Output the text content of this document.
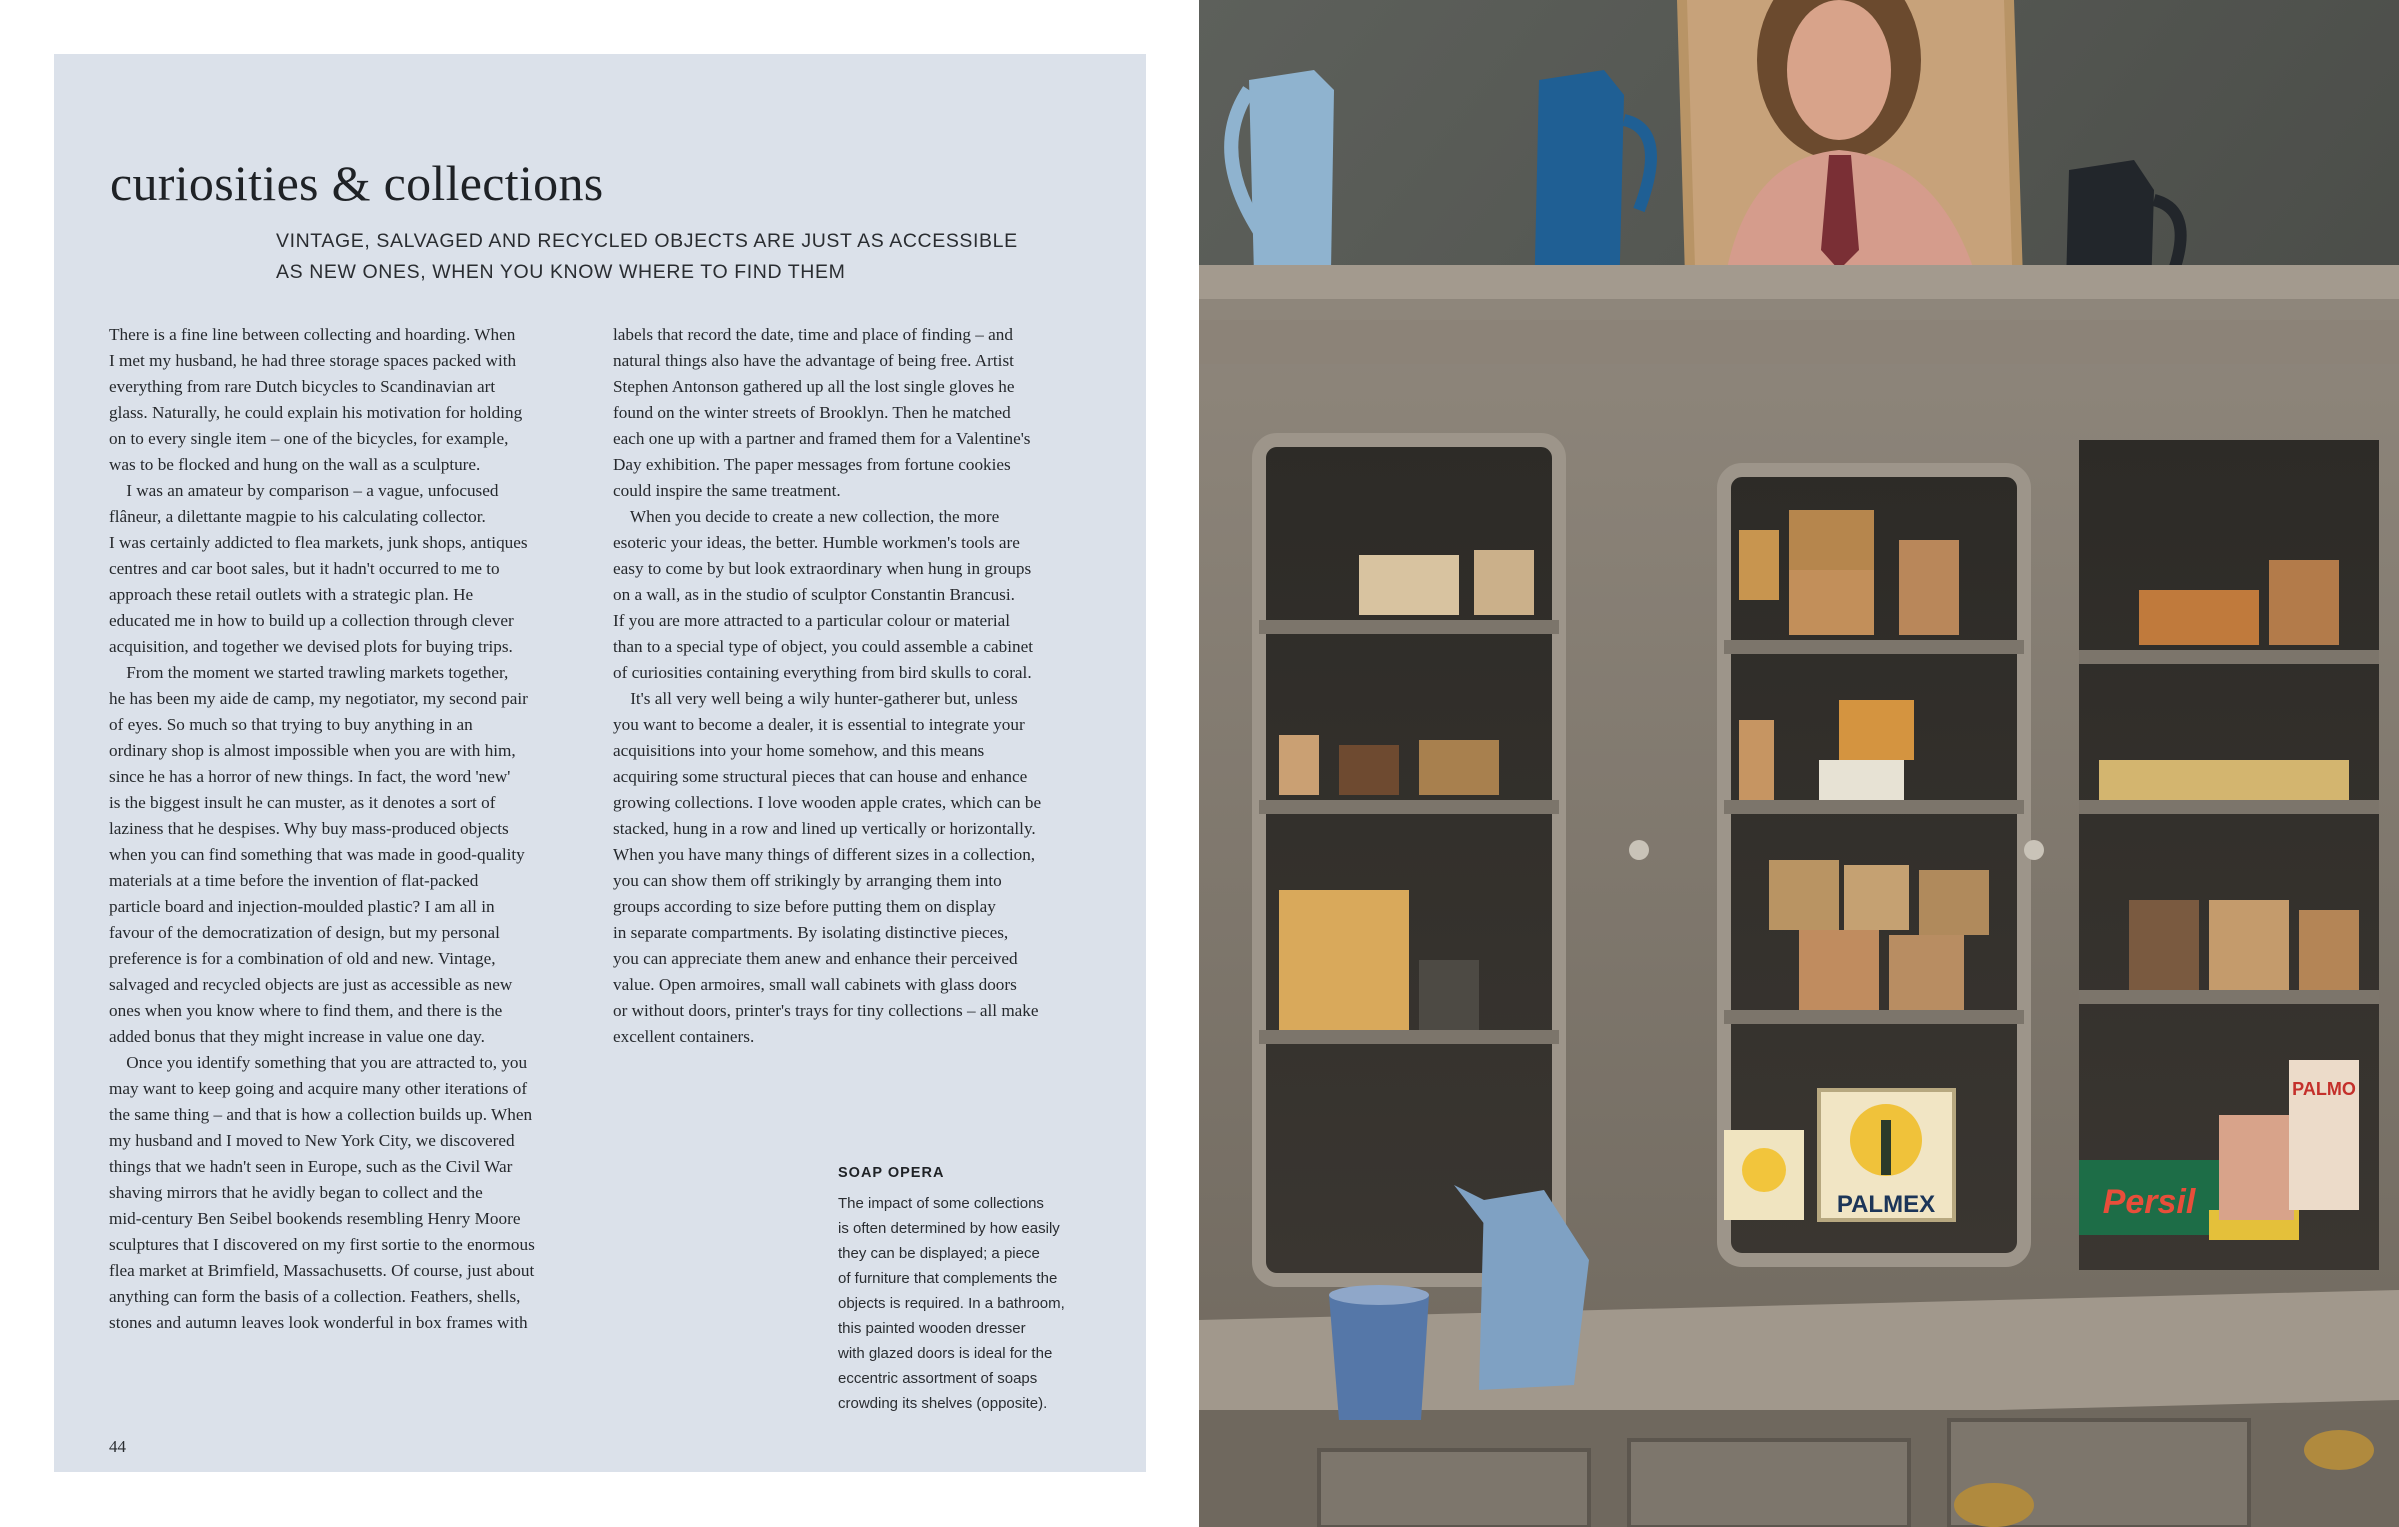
curiosities & collections

VINTAGE, SALVAGED AND RECYCLED OBJECTS ARE JUST AS ACCESSIBLE
AS NEW ONES, WHEN YOU KNOW WHERE TO FIND THEM

There is a fine line between collecting and hoarding. When
I met my husband, he had three storage spaces packed with
everything from rare Dutch bicycles to Scandinavian art
glass. Naturally, he could explain his motivation for holding
on to every single item – one of the bicycles, for example,
was to be flocked and hung on the wall as a sculpture.
I was an amateur by comparison – a vague, unfocused
flâneur, a dilettante magpie to his calculating collector.
I was certainly addicted to flea markets, junk shops, antiques
centres and car boot sales, but it hadn't occurred to me to
approach these retail outlets with a strategic plan. He
educated me in how to build up a collection through clever
acquisition, and together we devised plots for buying trips.
From the moment we started trawling markets together,
he has been my aide de camp, my negotiator, my second pair
of eyes. So much so that trying to buy anything in an
ordinary shop is almost impossible when you are with him,
since he has a horror of new things. In fact, the word 'new'
is the biggest insult he can muster, as it denotes a sort of
laziness that he despises. Why buy mass-produced objects
when you can find something that was made in good-quality
materials at a time before the invention of flat-packed
particle board and injection-moulded plastic? I am all in
favour of the democratization of design, but my personal
preference is for a combination of old and new. Vintage,
salvaged and recycled objects are just as accessible as new
ones when you know where to find them, and there is the
added bonus that they might increase in value one day.
Once you identify something that you are attracted to, you
may want to keep going and acquire many other iterations of
the same thing – and that is how a collection builds up. When
my husband and I moved to New York City, we discovered
things that we hadn't seen in Europe, such as the Civil War
shaving mirrors that he avidly began to collect and the
mid-century Ben Seibel bookends resembling Henry Moore
sculptures that I discovered on my first sortie to the enormous
flea market at Brimfield, Massachusetts. Of course, just about
anything can form the basis of a collection. Feathers, shells,
stones and autumn leaves look wonderful in box frames with
labels that record the date, time and place of finding – and
natural things also have the advantage of being free. Artist
Stephen Antonson gathered up all the lost single gloves he
found on the winter streets of Brooklyn. Then he matched
each one up with a partner and framed them for a Valentine's
Day exhibition. The paper messages from fortune cookies
could inspire the same treatment.
When you decide to create a new collection, the more
esoteric your ideas, the better. Humble workmen's tools are
easy to come by but look extraordinary when hung in groups
on a wall, as in the studio of sculptor Constantin Brancusi.
If you are more attracted to a particular colour or material
than to a special type of object, you could assemble a cabinet
of curiosities containing everything from bird skulls to coral.
It's all very well being a wily hunter-gatherer but, unless
you want to become a dealer, it is essential to integrate your
acquisitions into your home somehow, and this means
acquiring some structural pieces that can house and enhance
growing collections. I love wooden apple crates, which can be
stacked, hung in a row and lined up vertically or horizontally.
When you have many things of different sizes in a collection,
you can show them off strikingly by arranging them into
groups according to size before putting them on display
in separate compartments. By isolating distinctive pieces,
you can appreciate them anew and enhance their perceived
value. Open armoires, small wall cabinets with glass doors
or without doors, printer's trays for tiny collections – all make
excellent containers.

SOAP OPERA

The impact of some collections
is often determined by how easily
they can be displayed; a piece
of furniture that complements the
objects is required. In a bathroom,
this painted wooden dresser
with glazed doors is ideal for the
eccentric assortment of soaps
crowding its shelves (opposite).

44

PALMEX	Persil
PALMO
